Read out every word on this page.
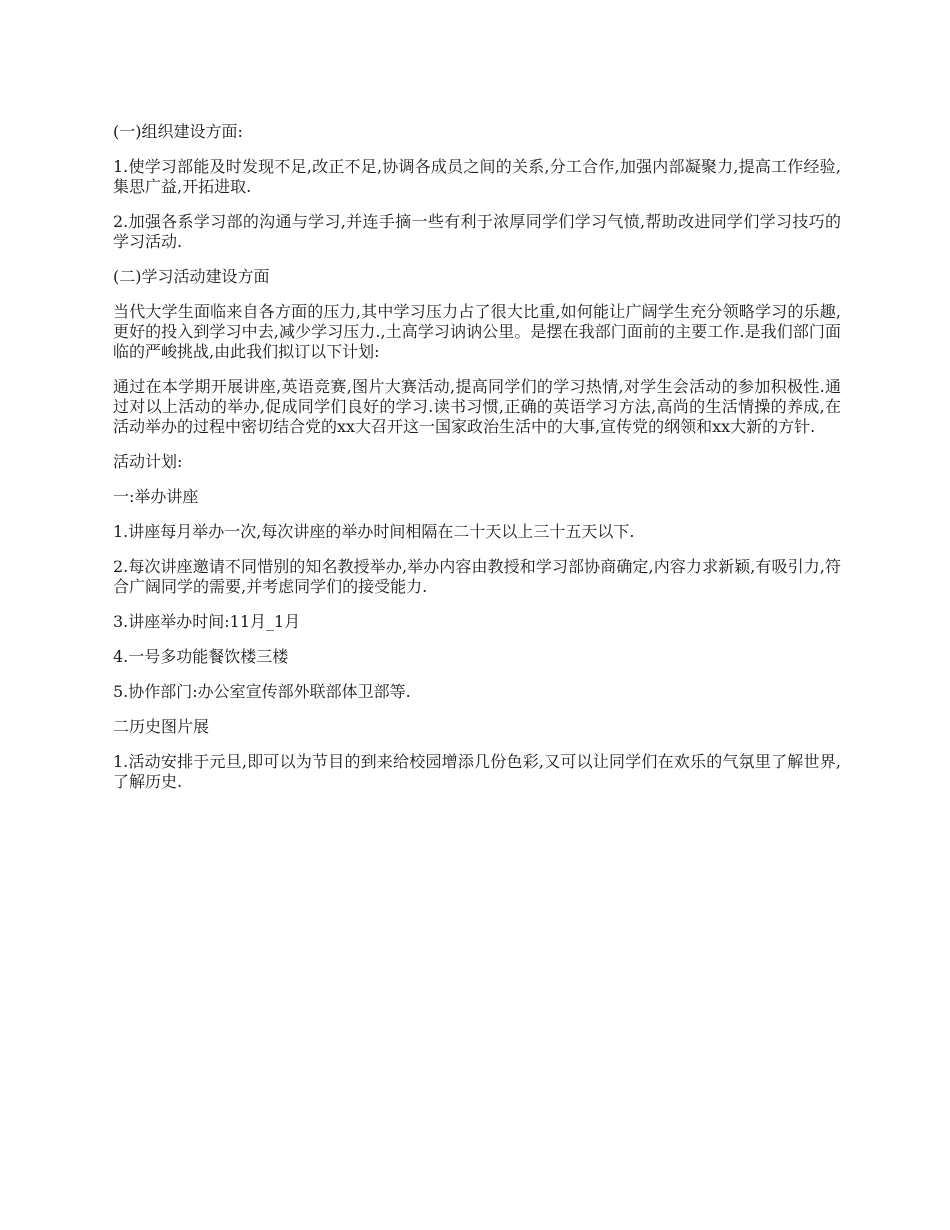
(一)组织建设方面:

1.使学习部能及时发现不足,改正不足,协调各成员之间的关系,分工合作,加强内部凝聚力,提高工作经验,集思广益,开拓进取.

2.加强各系学习部的沟通与学习,并连手摘一些有利于浓厚同学们学习气愤,帮助改进同学们学习技巧的学习活动.

(二)学习活动建设方面

当代大学生面临来自各方面的压力,其中学习压力占了很大比重,如何能让广阔学生充分领略学习的乐趣,更好的投入到学习中去,减少学习压力.,土高学习讷讷公里。是摆在我部门面前的主要工作.是我们部门面临的严峻挑战,由此我们拟订以下计划:

通过在本学期开展讲座,英语竞赛,图片大赛活动,提高同学们的学习热情,对学生会活动的参加积极性.通过对以上活动的举办,促成同学们良好的学习.读书习惯,正确的英语学习方法,高尚的生活情操的养成,在活动举办的过程中密切结合党的xx大召开这一国家政治生活中的大事,宣传党的纲领和xx大新的方针.

活动计划:

一:举办讲座

1.讲座每月举办一次,每次讲座的举办时间相隔在二十天以上三十五天以下.

2.每次讲座邀请不同惜别的知名教授举办,举办内容由教授和学习部协商确定,内容力求新颖,有吸引力,符合广阔同学的需要,并考虑同学们的接受能力.

3.讲座举办时间:11月_1月

4.一号多功能餐饮楼三楼

5.协作部门:办公室宣传部外联部体卫部等.

二历史图片展

1.活动安排于元旦,即可以为节目的到来给校园增添几份色彩,又可以让同学们在欢乐的气氛里了解世界,了解历史.
